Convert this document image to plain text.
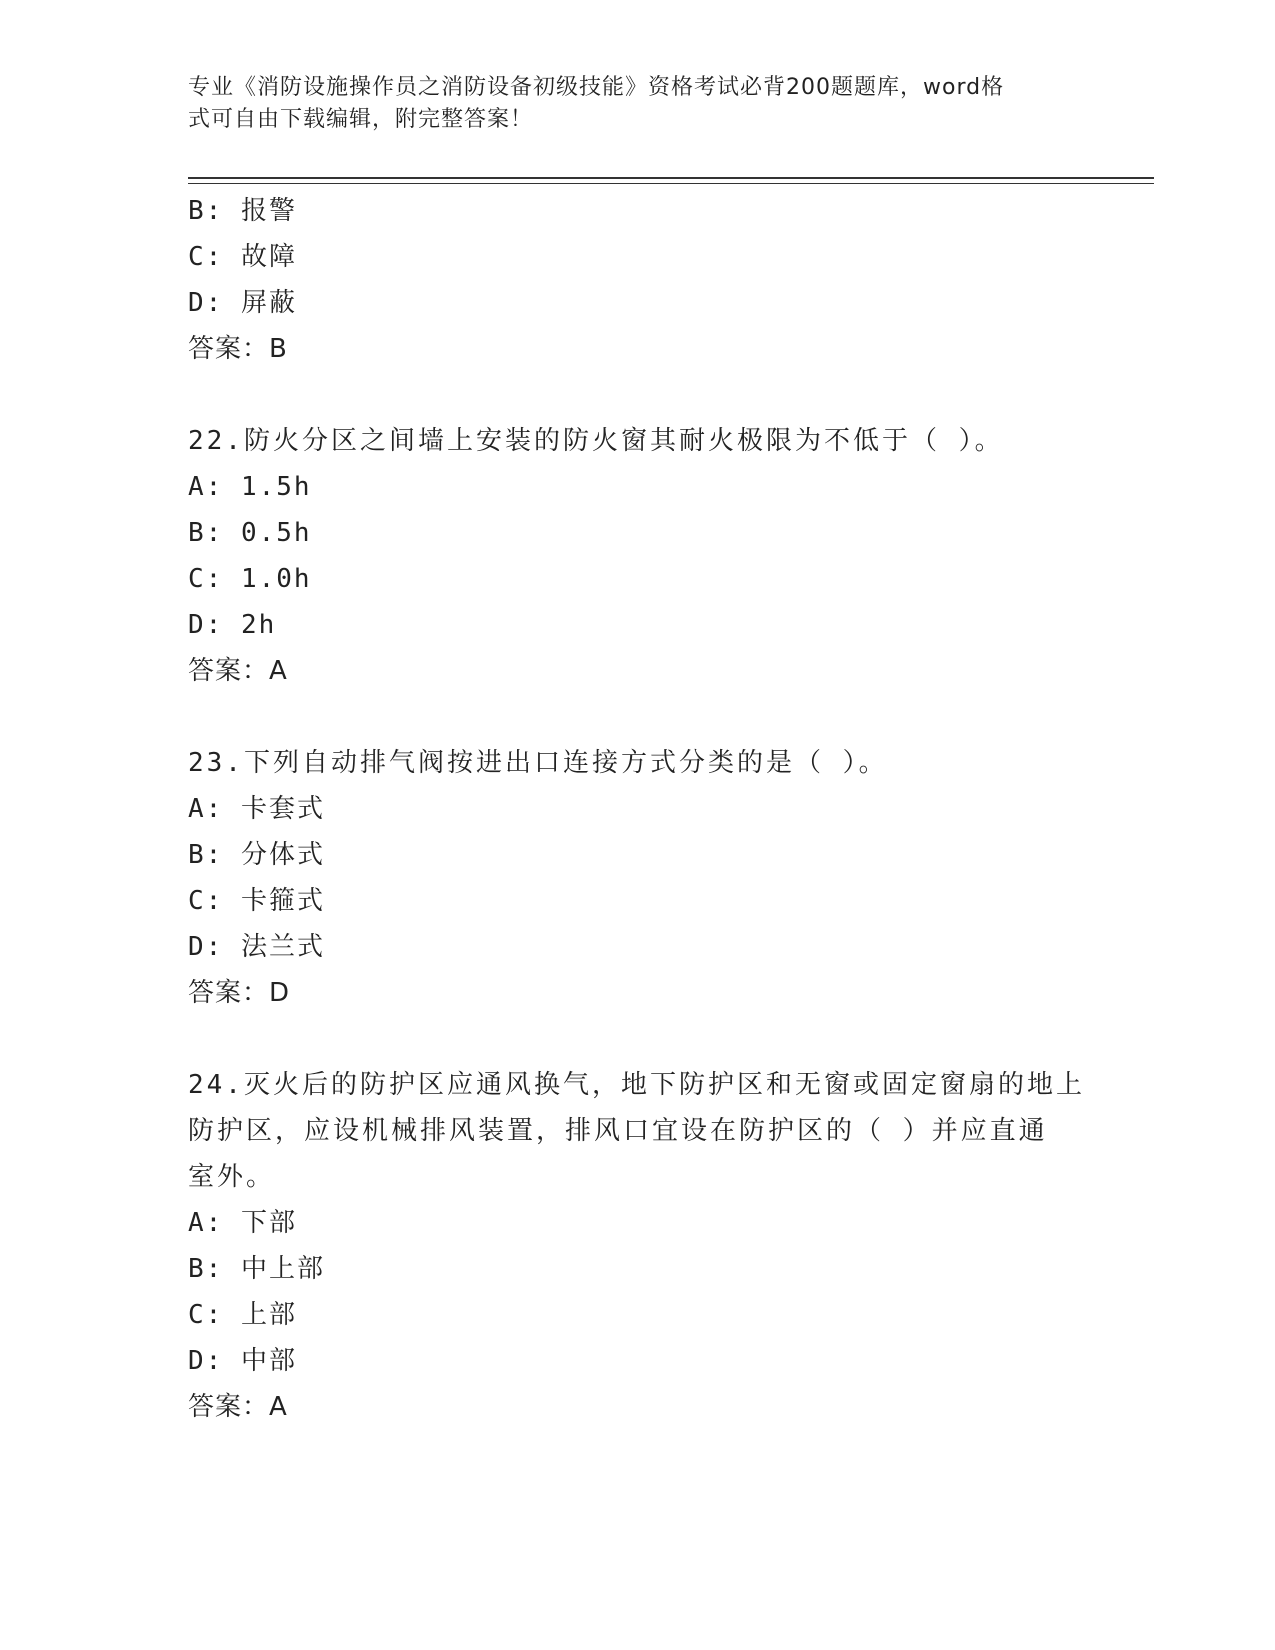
专业《消防设施操作员之消防设备初级技能》资格考试必背200题题库，word格
式可自由下载编辑，附完整答案！
B: 报警
C: 故障
D: 屏蔽
答案：B
22.防火分区之间墙上安装的防火窗其耐火极限为不低于（ ）。
A: 1.5h
B: 0.5h
C: 1.0h
D: 2h
答案：A
23.下列自动排气阀按进出口连接方式分类的是（ ）。
A: 卡套式
B: 分体式
C: 卡箍式
D: 法兰式
答案：D
24.灭火后的防护区应通风换气，地下防护区和无窗或固定窗扇的地上
防护区，应设机械排风装置，排风口宜设在防护区的（ ）并应直通
室外。
A: 下部
B: 中上部
C: 上部
D: 中部
答案：A
